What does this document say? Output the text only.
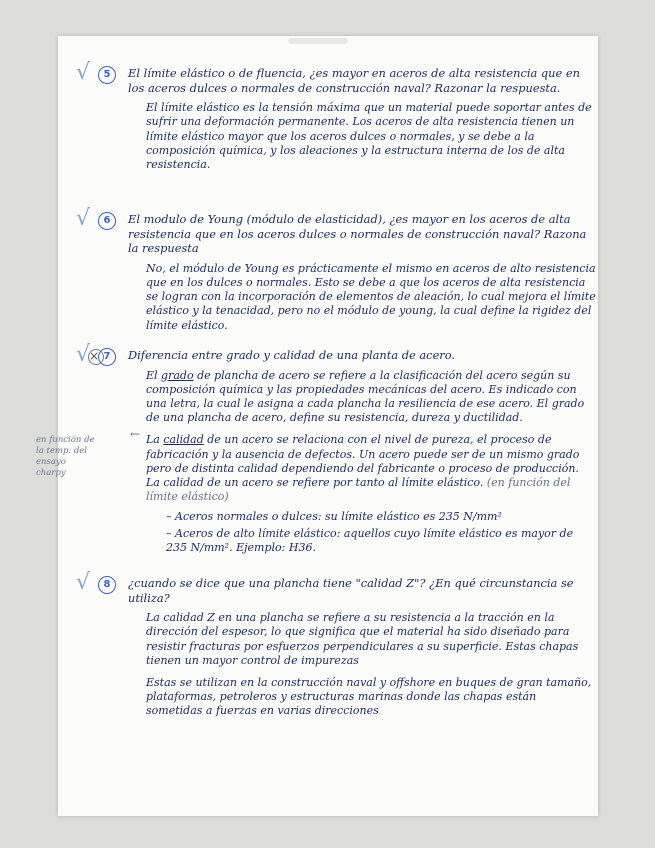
√	5	El límite elástico o de fluencia, ¿es mayor en aceros de alta resistencia que en los aceros dulces o normales de construcción naval? Razonar la respuesta.

El límite elástico es la tensión máxima que un material puede soportar antes de sufrir una deformación permanente. Los aceros de alta resistencia tienen un límite elástico mayor que los aceros dulces o normales, y se debe a la composición química, y los aleaciones y la estructura interna de los de alta resistencia.

√	6	El modulo de Young (módulo de elasticidad), ¿es mayor en los aceros de alta resistencia que en los aceros dulces o normales de construcción naval? Razona la respuesta

No, el módulo de Young es prácticamente el mismo en aceros de alto resistencia que en los dulces o normales. Esto se debe a que los aceros de alta resistencia se logran con la incorporación de elementos de aleación, lo cual mejora el límite elástico y la tenacidad, pero no el módulo de young, la cual define la rigidez del límite elástico.

√	7 ×	Diferencia entre grado y calidad de una planta de acero.

El grado de plancha de acero se refiere a la clasificación del acero según su composición química y las propiedades mecánicas del acero. Es indicado con una letra, la cual le asigna a cada plancha la resiliencia de ese acero. El grado de una plancha de acero, define su resistencia, dureza y ductilidad.

La calidad de un acero se relaciona con el nivel de pureza, el proceso de fabricación y la ausencia de defectos. Un acero puede ser de un mismo grado pero de distinta calidad dependiendo del fabricante o proceso de producción. La calidad de un acero se refiere por tanto al límite elástico. (en función del límite elástico)

– Aceros normales o dulces: su límite elástico es 235 N/mm²
– Aceros de alto límite elástico: aquellos cuyo límite elástico es mayor de 235 N/mm². Ejemplo: H36.
en función de la temp. del ensayo charpy
←
√	8	¿cuando se dice que una plancha tiene "calidad Z"? ¿En qué circunstancia se utiliza?

La calidad Z en una plancha se refiere a su resistencia a la tracción en la dirección del espesor, lo que significa que el material ha sido diseñado para resistir fracturas por esfuerzos perpendiculares a su superficie. Estas chapas tienen un mayor control de impurezas

Estas se utilizan en la construcción naval y offshore en buques de gran tamaño, plataformas, petroleros y estructuras marinas donde las chapas están sometidas a fuerzas en varias direcciones
